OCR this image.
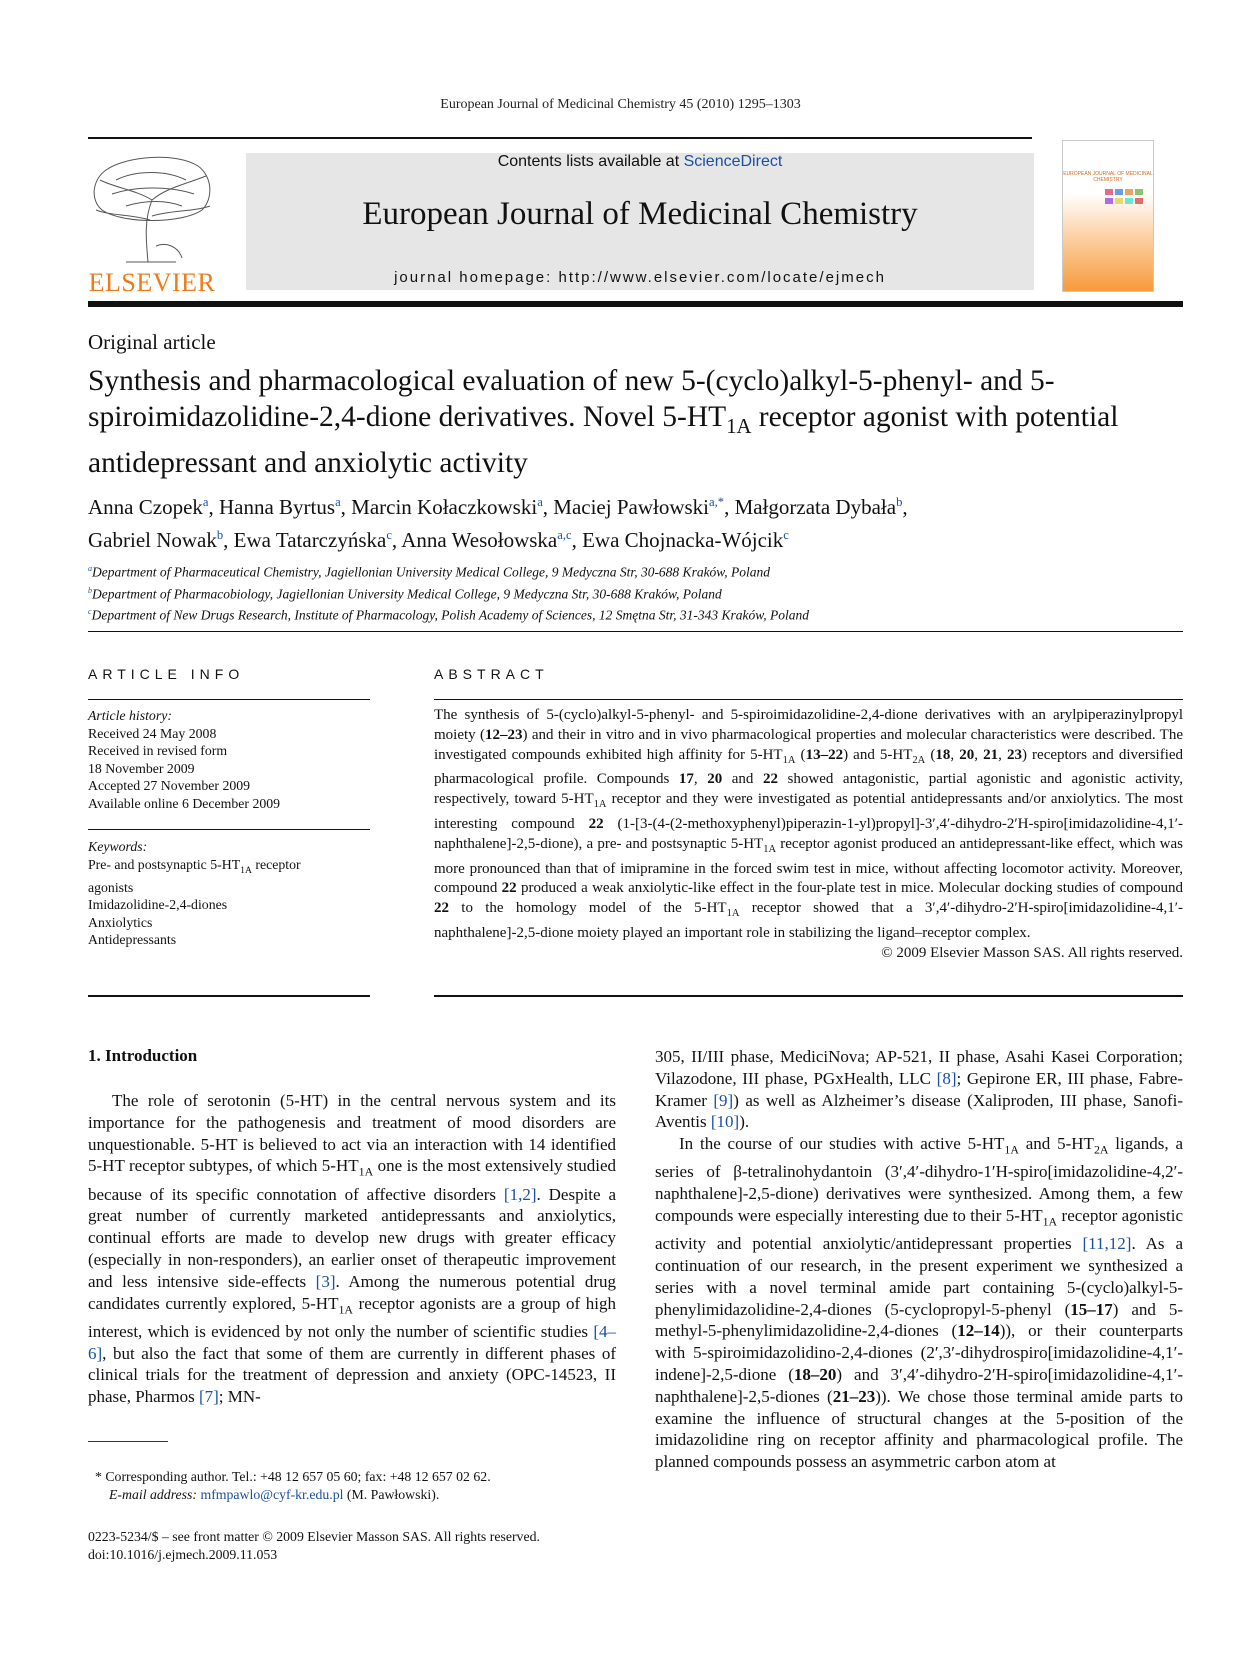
European Journal of Medicinal Chemistry 45 (2010) 1295–1303
ELSEVIER
Contents lists available at ScienceDirect
European Journal of Medicinal Chemistry
journal homepage: http://www.elsevier.com/locate/ejmech
EUROPEAN JOURNAL OF MEDICINAL CHEMISTRY
Original article
Synthesis and pharmacological evaluation of new 5-(cyclo)alkyl-5-phenyl- and 5-spiroimidazolidine-2,4-dione derivatives. Novel $5-HT_{1A}$ receptor agonist with potential antidepressant and anxiolytic activity
Anna Czopek$^a$, Hanna Byrtus$^a$, Marcin Kołaczkowski$^a$, Maciej Pawłowski$^{a,*}$, Małgorzata Dybała$^b$,
Gabriel Nowak$^b$, Ewa Tatarczyńska$^c$, Anna Wesołowska$^{a,c}$, Ewa Chojnacka-Wójcik$^c$
$^a$Department of Pharmaceutical Chemistry, Jagiellonian University Medical College, 9 Medyczna Str, 30-688 Kraków, Poland
$^b$Department of Pharmacobiology, Jagiellonian University Medical College, 9 Medyczna Str, 30-688 Kraków, Poland
$^c$Department of New Drugs Research, Institute of Pharmacology, Polish Academy of Sciences, 12 Smętna Str, 31-343 Kraków, Poland
ARTICLE INFO	ABSTRACT
Article history:
Received 24 May 2008
Received in revised form
18 November 2009
Accepted 27 November 2009
Available online 6 December 2009
Keywords:
Pre- and postsynaptic $5-HT_{1A}$ receptor
agonists
Imidazolidine-2,4-diones
Anxiolytics
Antidepressants
The synthesis of 5-(cyclo)alkyl-5-phenyl- and 5-spiroimidazolidine-2,4-dione derivatives with an arylpiperazinylpropyl moiety (12–23) and their in vitro and in vivo pharmacological properties and molecular characteristics were described. The investigated compounds exhibited high affinity for $5-HT_{1A}$ (13–22) and $5-HT_{2A}$ (18, 20, 21, 23) receptors and diversified pharmacological profile. Compounds 17, 20 and 22 showed antagonistic, partial agonistic and agonistic activity, respectively, toward $5-HT_{1A}$ receptor and they were investigated as potential antidepressants and/or anxiolytics. The most interesting compound 22 (1-[3-(4-(2-methoxyphenyl)piperazin-1-yl)propyl]-3′,4′-dihydro-2′H-spiro[imidazolidine-4,1′-naphthalene]-2,5-dione), a pre- and postsynaptic $5-HT_{1A}$ receptor agonist produced an antidepressant-like effect, which was more pronounced than that of imipramine in the forced swim test in mice, without affecting locomotor activity. Moreover, compound 22 produced a weak anxiolytic-like effect in the four-plate test in mice. Molecular docking studies of compound 22 to the homology model of the $5-HT_{1A}$ receptor showed that a 3′,4′-dihydro-2′H-spiro[imidazolidine-4,1′-naphthalene]-2,5-dione moiety played an important role in stabilizing the ligand–receptor complex.
© 2009 Elsevier Masson SAS. All rights reserved.
1. Introduction

The role of serotonin (5-HT) in the central nervous system and its importance for the pathogenesis and treatment of mood disorders are unquestionable. 5-HT is believed to act via an interaction with 14 identified 5-HT receptor subtypes, of which $5-HT_{1A}$ one is the most extensively studied because of its specific connotation of affective disorders [1,2]. Despite a great number of currently marketed antidepressants and anxiolytics, continual efforts are made to develop new drugs with greater efficacy (especially in non-responders), an earlier onset of therapeutic improvement and less intensive side-effects [3]. Among the numerous potential drug candidates currently explored, $5-HT_{1A}$ receptor agonists are a group of high interest, which is evidenced by not only the number of scientific studies [4–6], but also the fact that some of them are currently in different phases of clinical trials for the treatment of depression and anxiety (OPC-14523, II phase, Pharmos [7]; MN-

305, II/III phase, MediciNova; AP-521, II phase, Asahi Kasei Corporation; Vilazodone, III phase, PGxHealth, LLC [8]; Gepirone ER, III phase, Fabre-Kramer [9]) as well as Alzheimer’s disease (Xaliproden, III phase, Sanofi-Aventis [10]).

In the course of our studies with active $5-HT_{1A}$ and $5-HT_{2A}$ ligands, a series of β-tetralinohydantoin (3′,4′-dihydro-1′H-spiro[imidazolidine-4,2′-naphthalene]-2,5-dione) derivatives were synthesized. Among them, a few compounds were especially interesting due to their $5-HT_{1A}$ receptor agonistic activity and potential anxiolytic/antidepressant properties [11,12]. As a continuation of our research, in the present experiment we synthesized a series with a novel terminal amide part containing 5-(cyclo)alkyl-5-phenylimidazolidine-2,4-diones (5-cyclopropyl-5-phenyl (15–17) and 5-methyl-5-phenylimidazolidine-2,4-diones (12–14)), or their counterparts with 5-spiroimidazolidino-2,4-diones (2′,3′-dihydrospiro[imidazolidine-4,1′-indene]-2,5-dione (18–20) and 3′,4′-dihydro-2′H-spiro[imidazolidine-4,1′-naphthalene]-2,5-diones (21–23)). We chose those terminal amide parts to examine the influence of structural changes at the 5-position of the imidazolidine ring on receptor affinity and pharmacological profile. The planned compounds possess an asymmetric carbon atom at

* Corresponding author. Tel.: +48 12 657 05 60; fax: +48 12 657 02 62.
E-mail address: mfmpawlo@cyf-kr.edu.pl (M. Pawłowski).
0223-5234/$ – see front matter © 2009 Elsevier Masson SAS. All rights reserved.
doi:10.1016/j.ejmech.2009.11.053
